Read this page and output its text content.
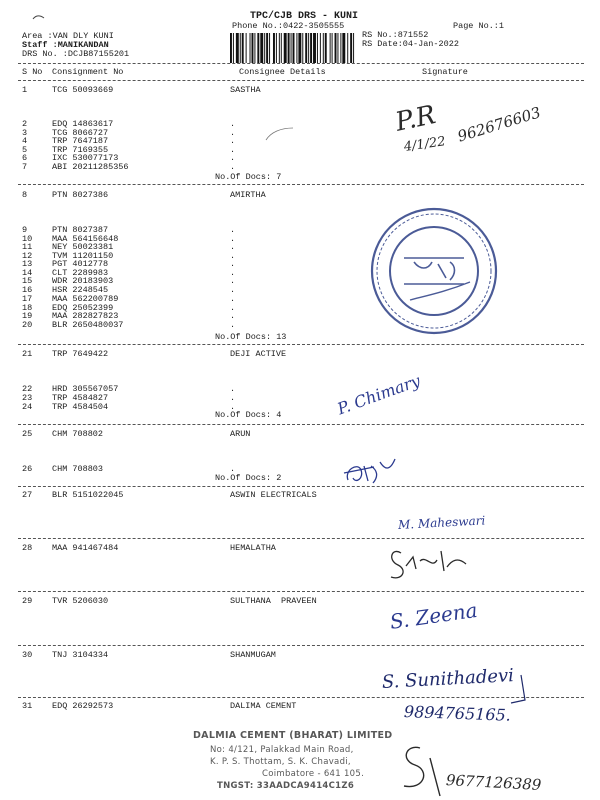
TPC/CJB DRS - KUNI
Phone No.:0422-3505555	Page No.:1
Area :VAN DLY KUNI
Staff :MANIKANDAN
DRS No. :DCJB87155201
RS No.:871552
RS Date:04-Jan-2022
S No Consignment No	Consignee Details	Signature
1	TCG 50093669	SASTHA
2	EDQ 14863617	.
3	TCG 8066727	.
4	TRP 7647187	.
5	TRP 7169355	.
6	IXC 530077173	.
7	ABI 20211285356	.
No.Of Docs: 7
8	PTN 8027386	AMIRTHA
9	PTN 8027387	.
10 MAA 564156648	.
11 NEY 50023381	.
12 TVM 11201150	.
13 PGT 4012778	.
14 CLT 2289983	.
15 WDR 20183903	.
16 HSR 2248545	.
17 MAA 562200789	.
18 EDQ 25052399	.
19 MAA 282827823	.
20 BLR 2650480037	.
No.Of Docs: 13
21 TRP 7649422	DEJI ACTIVE
22 HRD 305567057	.
23 TRP 4584827	.
24 TRP 4584504	.
No.Of Docs: 4
25 CHM 708802	ARUN
26 CHM 708803	.
No.Of Docs: 2
27 BLR 5151022045	ASWIN ELECTRICALS
28 MAA 941467484	HEMALATHA
29 TVR 5206030	SULTHANA  PRAVEEN
30 TNJ 3104334	SHANMUGAM
31 EDQ 26292573	DALIMA CEMENT
P.R
4/1/22 962676603
P. Chimary
M. Maheswari
S. Zeena
S. Sunithadevi
9894765165.
9677126389
DALMIA CEMENT (BHARAT) LIMITED
No: 4/121, Palakkad Main Road,
K. P. S. Thottam, S. K. Chavadi,
Coimbatore - 641 105.
TNGST: 33AADCA9414C1Z6
